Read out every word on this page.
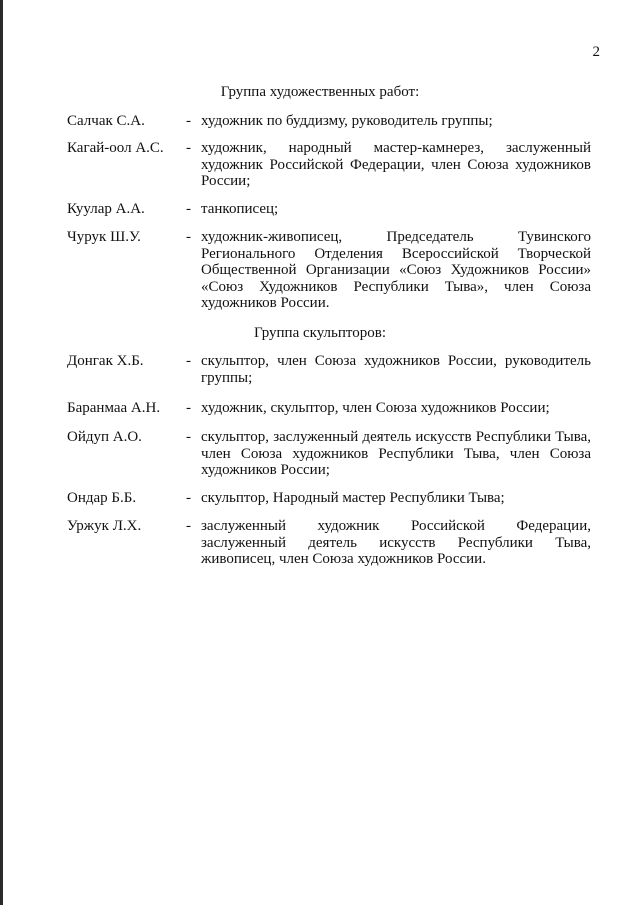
2
Группа художественных работ:
Салчак С.А.	- художник по буддизму, руководитель группы;
Кагай-оол А.С. - художник, народный мастер-камнерез, заслуженный
художник Российской Федерации, член Союза художников
России;
Куулар А.А.	- танкописец;
Чурук Ш.У.	- художник-живописец, Председатель Тувинского
Регионального Отделения Всероссийской Творческой
Общественной Организации «Союз Художников России»
«Союз Художников Республики Тыва», член Союза
художников России.
Группа скульпторов:
Донгак Х.Б.	- скульптор, член Союза художников России, руководитель
группы;
Баранмаа А.Н. - художник, скульптор, член Союза художников России;
Ойдуп А.О.	- скульптор, заслуженный деятель искусств Республики Тыва,
член Союза художников Республики Тыва, член Союза
художников России;
Ондар Б.Б.	- скульптор, Народный мастер Республики Тыва;
Уржук Л.Х.	- заслуженный художник Российской Федерации,
заслуженный деятель искусств Республики Тыва,
живописец, член Союза художников России.
